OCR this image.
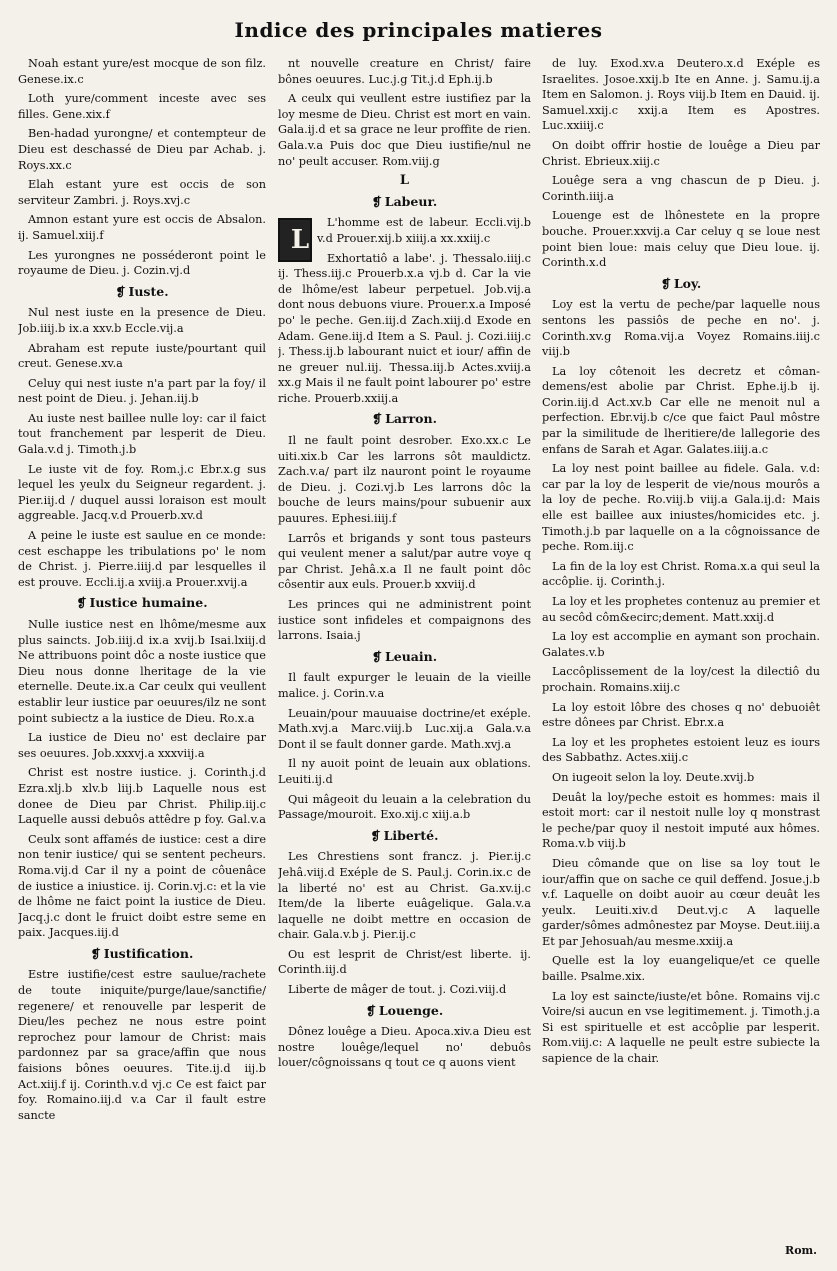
Indice des principales matieres

Noah estant yure/est mocque de son filz. Genese.ix.c

Loth yure/comment inceste avec ses filles. Gene.xix.f

Ben-hadad yurongne/ et contempteur de Dieu est deschassé de Dieu par Achab. j. Roys.xx.c

Elah estant yure est occis de son serviteur Zambri. j. Roys.xvj.c

Amnon estant yure est occis de Absalon. ij. Samuel.xiij.f

Les yurongnes ne posséderont point le royaume de Dieu. j. Cozin.vj.d

❡ Iuste.

Nul nest iuste en la presence de Dieu. Job.iiij.b ix.a xxv.b Eccle.vij.a

Abraham est repute iuste/pourtant quil creut. Genese.xv.a

Celuy qui nest iuste n'a part par la foy/ il nest point de Dieu. j. Jehan.iij.b

Au iuste nest baillee nulle loy: car il faict tout franchement par lesperit de Dieu. Gala.v.d j. Timoth.j.b

Le iuste vit de foy. Rom.j.c Ebr.x.g sus lequel les yeulx du Seigneur regardent. j. Pier.iij.d / duquel aussi loraison est moult aggreable. Jacq.v.d Prouerb.xv.d

A peine le iuste est saulue en ce monde: cest eschappe les tribulations po' le nom de Christ. j. Pierre.iiij.d par lesquelles il est prouve. Eccli.ij.a xviij.a Prouer.xvij.a

❡ Iustice humaine.

Nulle iustice nest en lhôme/mesme aux plus saincts. Job.iiij.d ix.a xvij.b Isai.lxiij.d Ne attribuons point dôc a noste iustice que Dieu nous donne lheritage de la vie eternelle. Deute.ix.a Car ceulx qui veullent establir leur iustice par oeuures/ilz ne sont point subiectz a la iustice de Dieu. Ro.x.a

La iustice de Dieu no' est declaire par ses oeuures. Job.xxxvj.a xxxviij.a

Christ est nostre iustice. j. Corinth.j.d Ezra.xlj.b xlv.b liij.b Laquelle nous est donee de Dieu par Christ. Philip.iij.c Laquelle aussi debuôs attêdre p foy. Gal.v.a

Ceulx sont affamés de iustice: cest a dire non tenir iustice/ qui se sentent pecheurs. Roma.vij.d Car il ny a point de côuenâce de iustice a iniustice. ij. Corin.vj.c: et la vie de lhôme ne faict point la iustice de Dieu. Jacq.j.c dont le fruict doibt estre seme en paix. Jacques.iij.d

❡ Iustification.

Estre iustifie/cest estre saulue/rachete de toute iniquite/purge/laue/sanctifie/ regenere/ et renouvelle par lesperit de Dieu/les pechez ne nous estre point reprochez pour lamour de Christ: mais pardonnez par sa grace/affin que nous faisions bônes oeuures. Tite.ij.d iij.b Act.xiij.f ij. Corinth.v.d vj.c Ce est faict par foy. Romaino.iij.d v.a Car il fault estre sancte

nt nouvelle creature en Christ/ faire bônes oeuures. Luc.j.g Tit.j.d Eph.ij.b

A ceulx qui veullent estre iustifiez par la loy mesme de Dieu. Christ est mort en vain. Gala.ij.d et sa grace ne leur proffite de rien. Gala.v.a Puis doc que Dieu iustifie/nul ne no' peult accuser. Rom.viij.g

L

❡ Labeur.

L
L'homme est de labeur. Eccli.vij.b v.d Prouer.xij.b xiiij.a xx.xxiij.c

Exhortatiô a labe'. j. Thessalo.iiij.c ij. Thess.iij.c Prouerb.x.a vj.b d. Car la vie de lhôme/est labeur perpetuel. Job.vij.a dont nous debuons viure. Prouer.x.a Imposé po' le peche. Gen.iij.d Zach.xiij.d Exode en Adam. Gene.iij.d Item a S. Paul. j. Cozi.iiij.c j. Thess.ij.b labourant nuict et iour/ affin de ne greuer nul.iij. Thessa.iij.b Actes.xviij.a xx.g Mais il ne fault point labourer po' estre riche. Prouerb.xxiij.a

❡ Larron.

Il ne fault point desrober. Exo.xx.c Le uiti.xix.b Car les larrons sôt mauldictz. Zach.v.a/ part ilz nauront point le royaume de Dieu. j. Cozi.vj.b Les larrons dôc la bouche de leurs mains/pour subuenir aux pauures. Ephesi.iiij.f

Larrôs et brigands y sont tous pasteurs qui veulent mener a salut/par autre voye q par Christ. Jehâ.x.a Il ne fault point dôc côsentir aux euls. Prouer.b xxviij.d

Les princes qui ne administrent point iustice sont infideles et compaignons des larrons. Isaia.j

❡ Leuain.

Il fault expurger le leuain de la vieille malice. j. Corin.v.a

Leuain/pour mauuaise doctrine/et exéple. Math.xvj.a Marc.viij.b Luc.xij.a Gala.v.a Dont il se fault donner garde. Math.xvj.a

Il ny auoit point de leuain aux oblations. Leuiti.ij.d

Qui mâgeoit du leuain a la celebration du Passage/mouroit. Exo.xij.c xiij.a.b

❡ Liberté.

Les Chrestiens sont francz. j. Pier.ij.c Jehâ.viij.d Exéple de S. Paul.j. Corin.ix.c de la liberté no' est au Christ. Ga.xv.ij.c Item/de la liberte euâgelique. Gala.v.a laquelle ne doibt mettre en occasion de chair. Gala.v.b j. Pier.ij.c

Ou est lesprit de Christ/est liberte. ij. Corinth.iij.d

Liberte de mâger de tout. j. Cozi.viij.d

❡ Louenge.

Dônez louêge a Dieu. Apoca.xiv.a Dieu est nostre louêge/lequel no' debuôs louer/côgnoissans q tout ce q auons vient

de luy. Exod.xv.a Deutero.x.d Exéple es Israelites. Josoe.xxij.b Ite en Anne. j. Samu.ij.a Item en Salomon. j. Roys viij.b Item en Dauid. ij. Samuel.xxij.c xxij.a Item es Apostres. Luc.xxiiij.c

On doibt offrir hostie de louêge a Dieu par Christ. Ebrieux.xiij.c

Louêge sera a vng chascun de p Dieu. j. Corinth.iiij.a

Louenge est de lhônestete en la propre bouche. Prouer.xxvij.a Car celuy q se loue nest point bien loue: mais celuy que Dieu loue. ij. Corinth.x.d

❡ Loy.

Loy est la vertu de peche/par laquelle nous sentons les passiôs de peche en no'. j. Corinth.xv.g Roma.vij.a Voyez Romains.iiij.c viij.b

La loy côtenoit les decretz et cômandemens/est abolie par Christ. Ephe.ij.b ij. Corin.iij.d Act.xv.b Car elle ne menoit nul a perfection. Ebr.vij.b c/ce que faict Paul môstre par la similitude de lheritiere/de lallegorie des enfans de Sarah et Agar. Galates.iiij.a.c

La loy nest point baillee au fidele. Gala. v.d: car par la loy de lesperit de vie/nous mourôs a la loy de peche. Ro.viij.b viij.a Gala.ij.d: Mais elle est baillee aux iniustes/homicides etc. j. Timoth.j.b par laquelle on a la côgnoissance de peche. Rom.iij.c

La fin de la loy est Christ. Roma.x.a qui seul la accôplie. ij. Corinth.j.

La loy et les prophetes contenuz au premier et au secôd côm&ecirc;dement. Matt.xxij.d

La loy est accomplie en aymant son prochain. Galates.v.b

Laccôplissement de la loy/cest la dilectiô du prochain. Romains.xiij.c

La loy estoit lôbre des choses q no' debuoiêt estre dônees par Christ. Ebr.x.a

La loy et les prophetes estoient leuz es iours des Sabbathz. Actes.xiij.c

On iugeoit selon la loy. Deute.xvij.b

Deuât la loy/peche estoit es hommes: mais il estoit mort: car il nestoit nulle loy q monstrast le peche/par quoy il nestoit imputé aux hômes. Roma.v.b viij.b

Dieu cômande que on lise sa loy tout le iour/affin que on sache ce quil deffend. Josue.j.b v.f. Laquelle on doibt auoir au cœur deuât les yeulx. Leuiti.xiv.d Deut.vj.c A laquelle garder/sômes admônestez par Moyse. Deut.iiij.a Et par Jehosuah/au mesme.xxiij.a

Quelle est la loy euangelique/et ce quelle baille. Psalme.xix.

La loy est saincte/iuste/et bône. Romains vij.c Voire/si aucun en vse legitimement. j. Timoth.j.a Si est spirituelle et est accôplie par lesperit. Rom.viij.c: A laquelle ne peult estre subiecte la sapience de la chair.

Rom.
